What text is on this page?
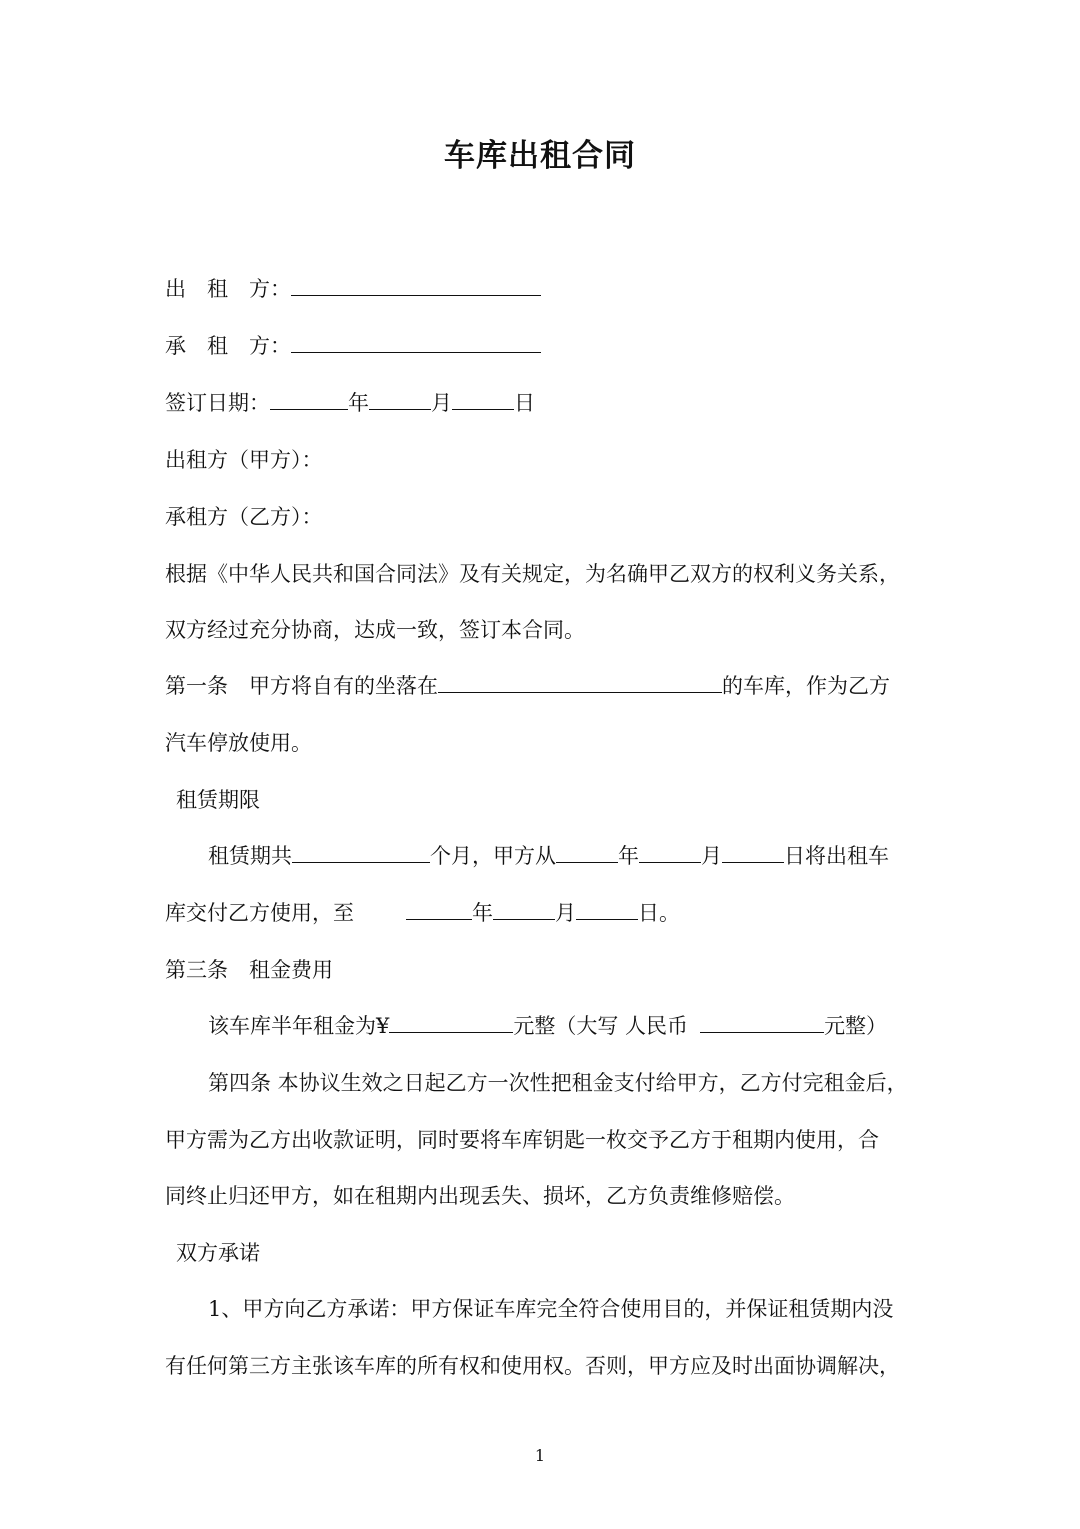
车库出租合同
出　租　方：
承　租　方：
签订日期：	年	月	日
出租方（甲方）：
承租方（乙方）：
根据《中华人民共和国合同法》及有关规定，为名确甲乙双方的权利义务关系，
双方经过充分协商，达成一致，签订本合同。
第一条　甲方将自有的坐落在	的车库，作为乙方
汽车停放使用。
租赁期限
租赁期共	个月，甲方从	年	月	日将出租车
库交付乙方使用，至	年	月	日。
第三条　租金费用
该车库半年租金为¥	元整（大写 人民币	元整）
第四条 本协议生效之日起乙方一次性把租金支付给甲方，乙方付完租金后，
甲方需为乙方出收款证明，同时要将车库钥匙一枚交予乙方于租期内使用，合
同终止归还甲方，如在租期内出现丢失、损坏，乙方负责维修赔偿。
双方承诺
1、甲方向乙方承诺：甲方保证车库完全符合使用目的，并保证租赁期内没
有任何第三方主张该车库的所有权和使用权。否则，甲方应及时出面协调解决，
1
